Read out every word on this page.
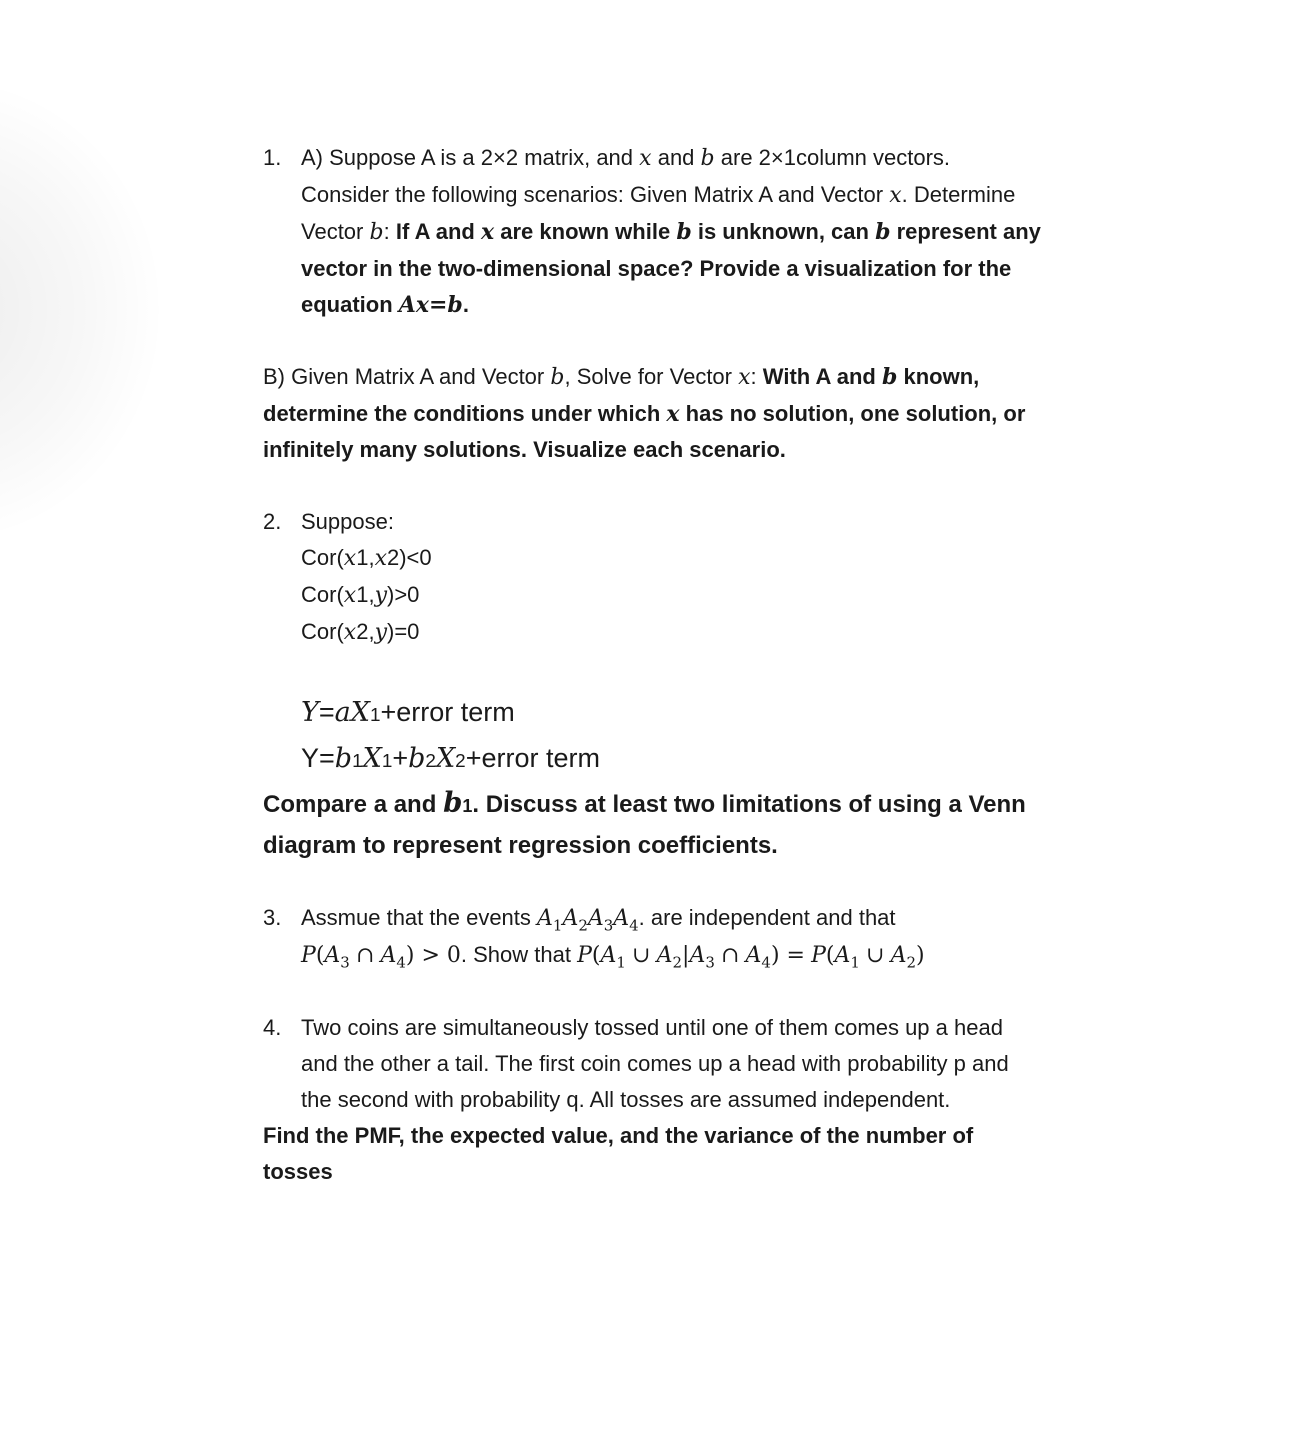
1. A) Suppose A is a 2×2 matrix, and x and b are 2×1column vectors.
Consider the following scenarios: Given Matrix A and Vector x. Determine
Vector b: If A and x are known while b is unknown, can b represent any
vector in the two-dimensional space? Provide a visualization for the
equation Ax=b.
B) Given Matrix A and Vector b, Solve for Vector x: With A and b known,
determine the conditions under which x has no solution, one solution, or
infinitely many solutions. Visualize each scenario.
2. Suppose:
Cor(x1,x2)<0
Cor(x1,y)>0
Cor(x2,y)=0
Y=aX1+error term
Y=b1X1+b2X2+error term
Compare a and b1. Discuss at least two limitations of using a Venn
diagram to represent regression coefficients.
3. Assmue that the events $A_1A_2A_3A_4$. are independent and that
$P(A_3$ ∩ $A_4) > 0$. Show that $P(A_1$ ∪ $A_2|A_3$ ∩ $A_4) = P(A_1$ ∪ $A_2$)
4. Two coins are simultaneously tossed until one of them comes up a head
and the other a tail. The first coin comes up a head with probability p and
the second with probability q. All tosses are assumed independent.
Find the PMF, the expected value, and the variance of the number of
tosses
